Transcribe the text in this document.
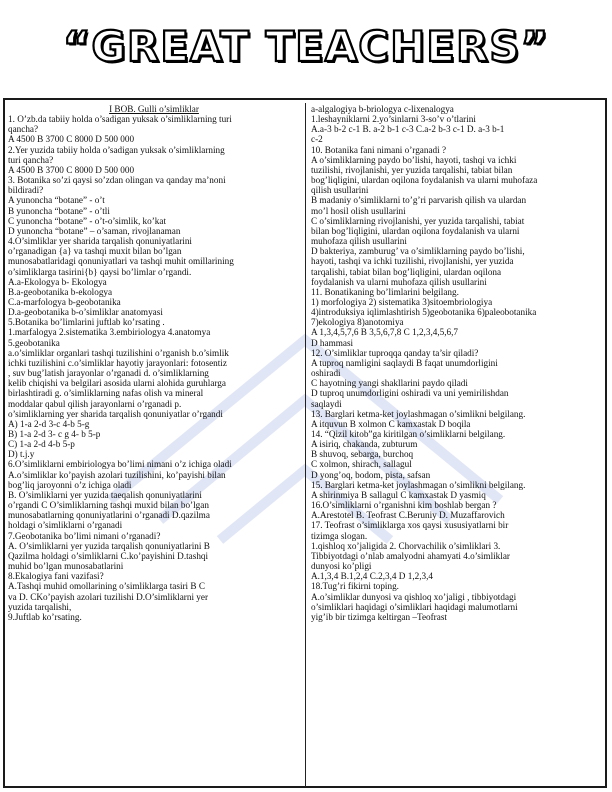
“GREAT TEACHERS”
I BOB. Gulli o’simliklar
1. O’zb.da tabiiy holda o’sadigan yuksak o’simliklarning turi
qancha?
A 4500 B 3700 C 8000 D 500 000
2.Yer yuzida tabiiy holda o’sadigan yuksak o’simliklarning
turi qancha?
A 4500 B 3700 C 8000 D 500 000
3. Botanika so’zi qaysi so’zdan olingan va qanday ma’noni
bildiradi?
A yunoncha “botane” - o’t
B yunoncha “botane” - o’tli
C yunoncha “botane” - o’t-o’simlik, ko’kat
D yunoncha “botane” – o’saman, rivojlanaman
4.O’simliklar yer sharida tarqalish qonuniyatlarini
o’rganadigan {a} va tashqi muxit bilan bo’lgan
munosabatlaridagi qonuniyatlari va tashqi muhit omillarining
o’simliklarga tasirini{b} qaysi bo’limlar o’rgandi.
A.a-Ekologya b- Ekologya
B.a-geobotanika b-ekologya
C.a-marfologya b-geobotanika
D.a-geobotanika b-o’simliklar anatomyasi
5.Botanika bo’limlarini juftlab ko’rsating .
1.marfalogya 2.sistematika 3.embiriologya 4.anatomya
5.geobotanika
a.o’simliklar organlari tashqi tuzilishini o’rganish b.o’simlik
ichki tuzilishini c.o’simliklar hayotiy jarayonlari: fotosentiz
, suv bug’latish jarayonlar o’rganadi d. o’simliklarning
kelib chiqishi va belgilari asosida ularni alohida guruhlarga
birlashtiradi g. o’simliklarning nafas olish va mineral
moddalar qabul qilish jarayonlarni o’rganadi p.
o’simliklarning yer sharida tarqalish qonuniyatlar o’rgandi
A) 1-a 2-d 3-c 4-b 5-g
B) 1-a 2-d 3- c g 4- b 5-p
C) 1-a 2-d 4-b 5-p
D) t.j.y
6.O’simliklarni embiriologya bo’limi nimani o’z ichiga oladi
A.o’simliklar ko’payish azolari tuzilishini, ko’payishi bilan
bog’liq jaroyonni o’z ichiga oladi
B. O’simliklarni yer yuzida taeqalish qonuniyatlarini
o’rgandi C O’simliklarning tashqi muxid bilan bo’lgan
munosabatlarning qonuniyatlarini o’rganadi D.qazilma
holdagi o’simliklarni o’rganadi
7.Geobotanika bo’limi nimani o’rganadi?
A. O’simliklarni yer yuzida tarqalish qonuniyatlarini B
Qazilma holdagi o’simliklarni C.ko’payishini D.tashqi
muhid bo’lgan munosabatlarini
8.Ekalogiya fani vazifasi?
A.Tashqi muhid omollarining o’simliklarga tasiri B C
va D. CKo’payish azolari tuzilishi D.O’simliklarni yer
yuzida tarqalishi,
9.Juftlab ko’rsating.
a-algalogiya b-briologya c-lixenalogya
1.leshayniklarni 2.yo’sinlarni 3-so’v o’tlarini
A.a-3 b-2 c-1 B. a-2 b-1 c-3 C.a-2 b-3 c-1 D. a-3 b-1
c-2
10. Botanika fani nimani o’rganadi ?
A o’simliklarning paydo bo’lishi, hayoti, tashqi va ichki
tuzilishi, rivojlanishi, yer yuzida tarqalishi, tabiat bilan
bog’liqligini, ulardan oqilona foydalanish va ularni muhofaza
qilish usullarini
B madaniy o’simliklarni to’g’ri parvarish qilish va ulardan
mo’l hosil olish usullarini
C o’simliklarning rivojlanishi, yer yuzida tarqalishi, tabiat
bilan bog’liqligini, ulardan oqilona foydalanish va ularni
muhofaza qilish usullarini
D bakteriya, zamburug’ va o’simliklarning paydo bo’lishi,
hayoti, tashqi va ichki tuzilishi, rivojlanishi, yer yuzida
tarqalishi, tabiat bilan bog’liqligini, ulardan oqilona
foydalanish va ularni muhofaza qilish usullarini
11. Bonatikaning bo’limlarini belgilang.
1) morfologiya 2) sistematika 3)sitoembriologiya
4)introduksiya iqlimlashtirish 5)geobotanika 6)paleobotanika
7)ekologiya 8)anotomiya
A 1,3,4,5,7,6 B 3,5,6,7,8 C 1,2,3,4,5,6,7
D hammasi
12. O’simliklar tuproqqa qanday ta’sir qiladi?
A tuproq namligini saqlaydi B faqat unumdorligini
oshiradi
C hayotning yangi shakllarini paydo qiladi
D tuproq unumdorligini oshiradi va uni yemirilishdan
saqlaydi
13. Barglari ketma-ket joylashmagan o’simlikni belgilang.
A itquvun B xolmon C kamxastak D boqila
14. “Qizil kitob”ga kiritilgan o’simliklarni belgilang.
A isiriq, chakanda, zubturum
B shuvoq, sebarga, burchoq
C xolmon, shirach, sallagul
D yong’oq, bodom, pista, safsan
15. Barglari ketma-ket joylashmagan o’simlikni belgilang.
A shirinmiya B sallagul C kamxastak D yasmiq
16.O’simliklarni o’rganishni kim boshlab bergan ?
A.Arestotel B. Teofrast C.Beruniy D. Muzaffarovich
17. Teofrast o’simliklarga xos qaysi xususiyatlarni bir
tizimga slogan.
1.qishloq xo’jaligida 2. Chorvachilik o’simliklari 3.
Tibbiyotdagi o’nlab amalyodni ahamyati 4.o’simliklar
dunyosi ko’pligi
A.1,3,4 B.1,2,4 C.2,3,4 D 1,2,3,4
18.Tug’ri fikirni toping.
A.o’simliklar dunyosi va qishloq xo’jaligi , tibbiyotdagi
o’simliklari haqidagi o’simliklari haqidagi malumotlarni
yig’ib bir tizimga keltirgan –Teofrast
